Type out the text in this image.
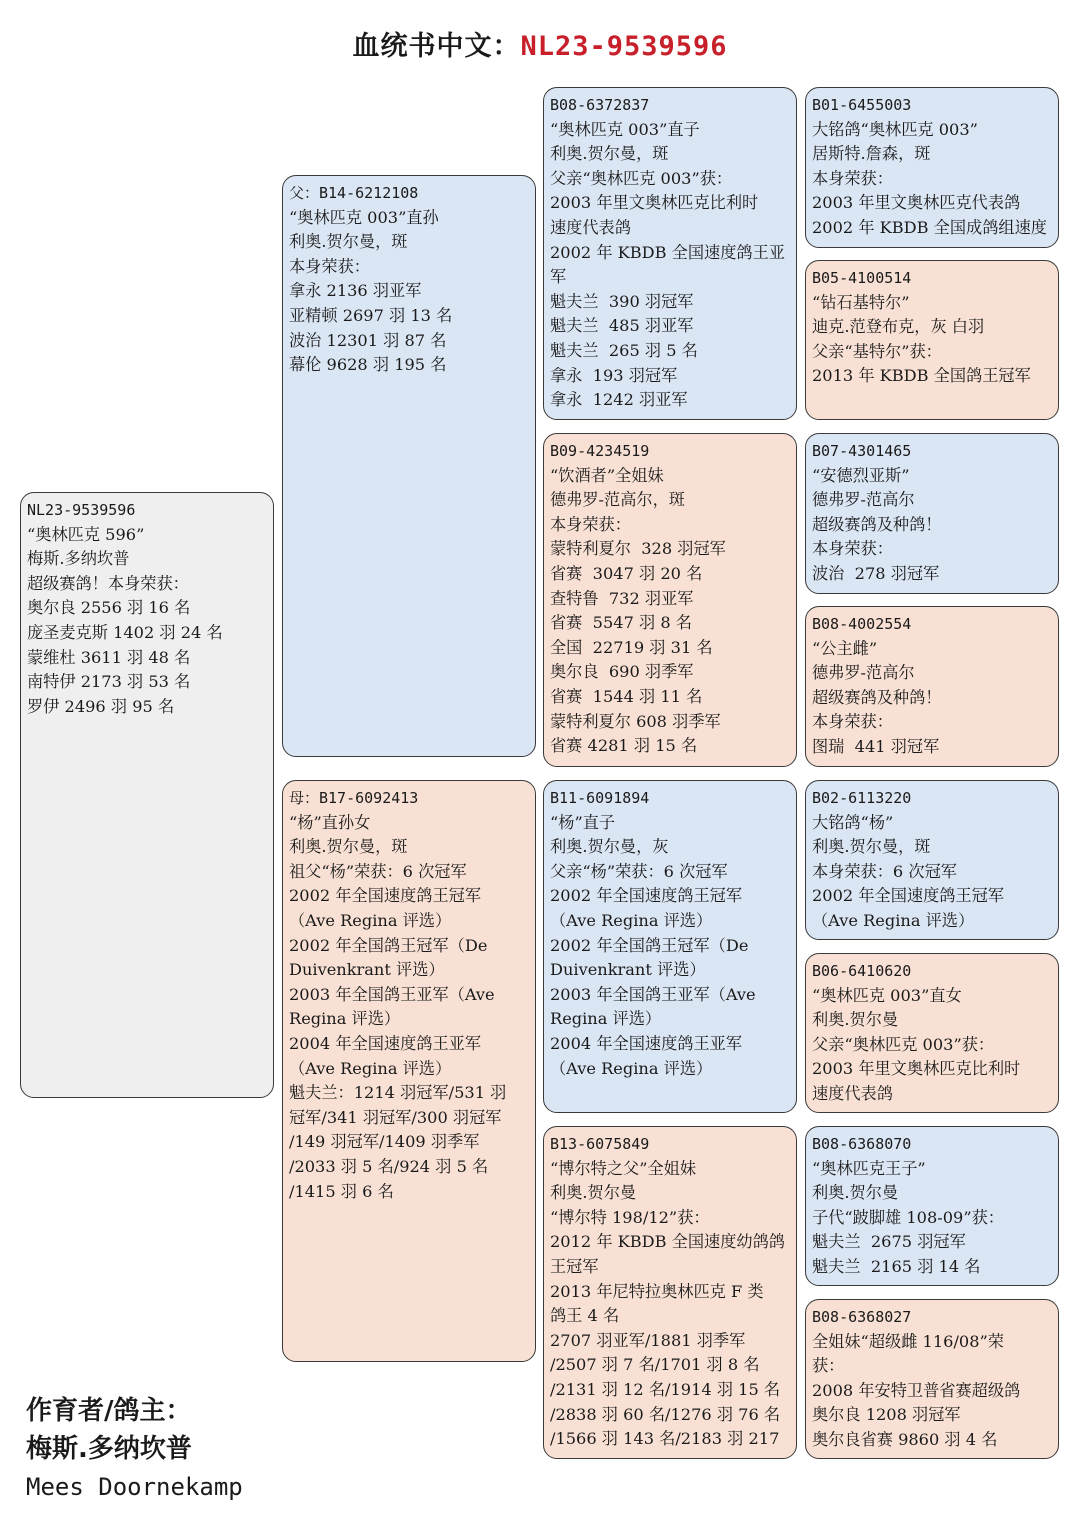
血统书中文：NL23-9539596
NL23-9539596
“奥林匹克 596”
梅斯.多纳坎普
超级赛鸽！本身荣获：
奥尔良 2556 羽 16 名
庞圣麦克斯 1402 羽 24 名
蒙维杜 3611 羽 48 名
南特伊 2173 羽 53 名
罗伊 2496 羽 95 名
父：B14-6212108
“奥林匹克 003”直孙
利奥.贺尔曼，斑
本身荣获：
拿永 2136 羽亚军
亚精顿 2697 羽 13 名
波治 12301 羽 87 名
幕伦 9628 羽 195 名
母：B17-6092413
“杨”直孙女
利奥.贺尔曼，斑
祖父“杨”荣获：6 次冠军
2002 年全国速度鸽王冠军
（Ave Regina 评选）
2002 年全国鸽王冠军（De
Duivenkrant 评选）
2003 年全国鸽王亚军（Ave
Regina 评选）
2004 年全国速度鸽王亚军
（Ave Regina 评选）
魁夫兰：1214 羽冠军/531 羽
冠军/341 羽冠军/300 羽冠军
/149 羽冠军/1409 羽季军
/2033 羽 5 名/924 羽 5 名
/1415 羽 6 名
B08-6372837
“奥林匹克 003”直子
利奥.贺尔曼，斑
父亲“奥林匹克 003”获：
2003 年里文奥林匹克比利时
速度代表鸽
2002 年 KBDB 全国速度鸽王亚
军
魁夫兰  390 羽冠军
魁夫兰  485 羽亚军
魁夫兰  265 羽 5 名
拿永  193 羽冠军
拿永  1242 羽亚军
B09-4234519
“饮酒者”全姐妹
德弗罗-范高尔，斑
本身荣获：
蒙特利夏尔  328 羽冠军
省赛  3047 羽 20 名
查特鲁  732 羽亚军
省赛  5547 羽 8 名
全国  22719 羽 31 名
奥尔良  690 羽季军
省赛  1544 羽 11 名
蒙特利夏尔 608 羽季军
省赛 4281 羽 15 名
B11-6091894
“杨”直子
利奥.贺尔曼，灰
父亲“杨”荣获：6 次冠军
2002 年全国速度鸽王冠军
（Ave Regina 评选）
2002 年全国鸽王冠军（De
Duivenkrant 评选）
2003 年全国鸽王亚军（Ave
Regina 评选）
2004 年全国速度鸽王亚军
（Ave Regina 评选）
B13-6075849
“博尔特之父”全姐妹
利奥.贺尔曼
“博尔特 198/12”获：
2012 年 KBDB 全国速度幼鸽鸽
王冠军
2013 年尼特拉奥林匹克 F 类
鸽王 4 名
2707 羽亚军/1881 羽季军
/2507 羽 7 名/1701 羽 8 名
/2131 羽 12 名/1914 羽 15 名
/2838 羽 60 名/1276 羽 76 名
/1566 羽 143 名/2183 羽 217
B01-6455003
大铭鸽“奥林匹克 003”
居斯特.詹森，斑
本身荣获：
2003 年里文奥林匹克代表鸽
2002 年 KBDB 全国成鸽组速度
B05-4100514
“钻石基特尔”
迪克.范登布克，灰 白羽
父亲“基特尔”获：
2013 年 KBDB 全国鸽王冠军
B07-4301465
“安德烈亚斯”
德弗罗-范高尔
超级赛鸽及种鸽！
本身荣获：
波治  278 羽冠军
B08-4002554
“公主雌”
德弗罗-范高尔
超级赛鸽及种鸽！
本身荣获：
图瑞  441 羽冠军
B02-6113220
大铭鸽“杨”
利奥.贺尔曼，斑
本身荣获：6 次冠军
2002 年全国速度鸽王冠军
（Ave Regina 评选）
B06-6410620
“奥林匹克 003”直女
利奥.贺尔曼
父亲“奥林匹克 003”获：
2003 年里文奥林匹克比利时
速度代表鸽
B08-6368070
“奥林匹克王子”
利奥.贺尔曼
子代“跛脚雄 108-09”获：
魁夫兰  2675 羽冠军
魁夫兰  2165 羽 14 名
B08-6368027
全姐妹“超级雌 116/08”荣
获：
2008 年安特卫普省赛超级鸽
奥尔良 1208 羽冠军
奥尔良省赛 9860 羽 4 名
作育者/鸽主：
梅斯.多纳坎普
Mees Doornekamp
